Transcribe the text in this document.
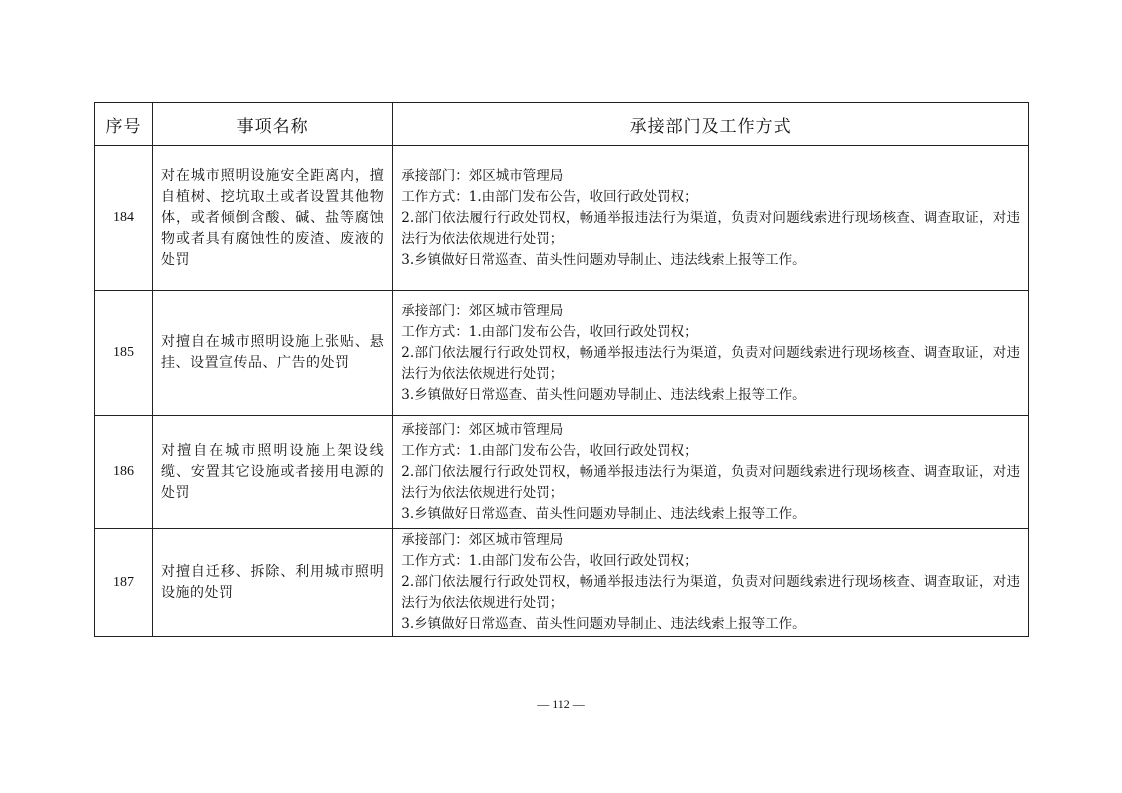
序号	事项名称	承接部门及工作方式
184	对在城市照明设施安全距离内，擅自植树、挖坑取土或者设置其他物体，或者倾倒含酸、碱、盐等腐蚀物或者具有腐蚀性的废渣、废液的处罚	承接部门：郊区城市管理局
工作方式：1.由部门发布公告，收回行政处罚权；
2.部门依法履行行政处罚权，畅通举报违法行为渠道，负责对问题线索进行现场核查、调查取证，对违法行为依法依规进行处罚；
3.乡镇做好日常巡查、苗头性问题劝导制止、违法线索上报等工作。

185	对擅自在城市照明设施上张贴、悬挂、设置宣传品、广告的处罚	承接部门：郊区城市管理局
工作方式：1.由部门发布公告，收回行政处罚权；
2.部门依法履行行政处罚权，畅通举报违法行为渠道，负责对问题线索进行现场核查、调查取证，对违法行为依法依规进行处罚；
3.乡镇做好日常巡查、苗头性问题劝导制止、违法线索上报等工作。

186	对擅自在城市照明设施上架设线缆、安置其它设施或者接用电源的处罚	承接部门：郊区城市管理局
工作方式：1.由部门发布公告，收回行政处罚权；
2.部门依法履行行政处罚权，畅通举报违法行为渠道，负责对问题线索进行现场核查、调查取证，对违法行为依法依规进行处罚；
3.乡镇做好日常巡查、苗头性问题劝导制止、违法线索上报等工作。

187	对擅自迁移、拆除、利用城市照明设施的处罚	承接部门：郊区城市管理局
工作方式：1.由部门发布公告，收回行政处罚权；
2.部门依法履行行政处罚权，畅通举报违法行为渠道，负责对问题线索进行现场核查、调查取证，对违法行为依法依规进行处罚；
3.乡镇做好日常巡查、苗头性问题劝导制止、违法线索上报等工作。
— 112 —
